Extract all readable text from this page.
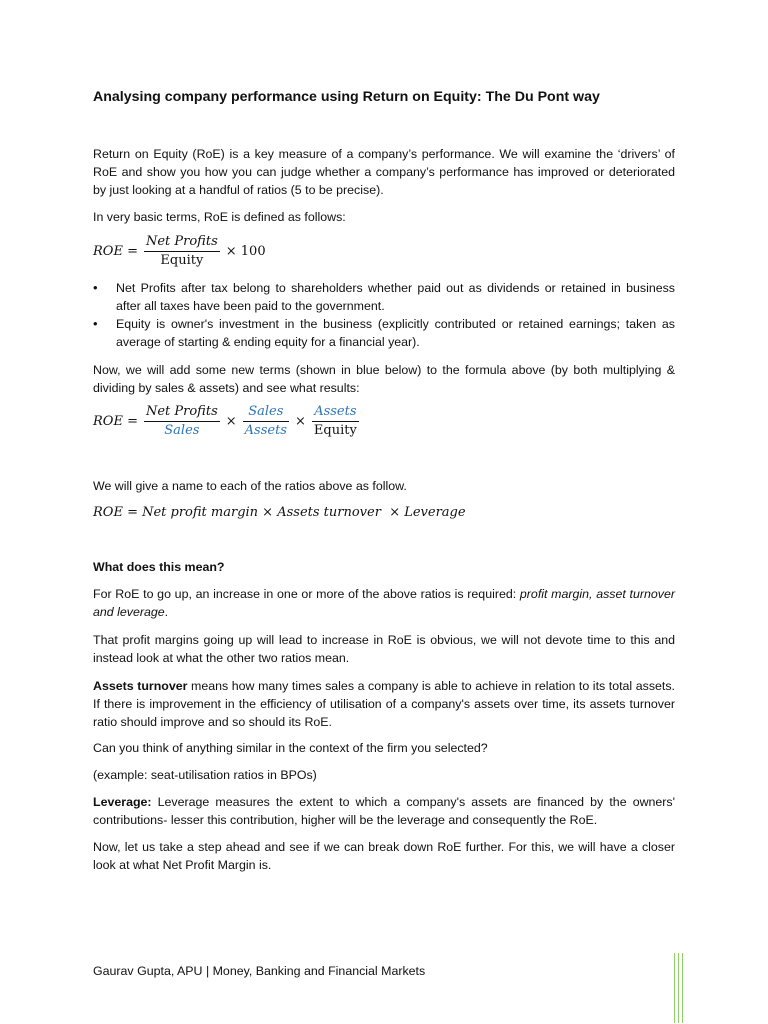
Analysing company performance using Return on Equity: The Du Pont way

Return on Equity (RoE) is a key measure of a company’s performance. We will examine the ‘drivers’ of RoE and show you how you can judge whether a company’s performance has improved or deteriorated by just looking at a handful of ratios (5 to be precise).

In very basic terms, RoE is defined as follows:

ROE = $\frac{\text{Net Profits}}{\text{Equity}} \times 100$
• Net Profits after tax belong to shareholders whether paid out as dividends or retained in business after all taxes have been paid to the government.
• Equity is owner's investment in the business (explicitly contributed or retained earnings; taken as average of starting & ending equity for a financial year).

Now, we will add some new terms (shown in blue below) to the formula above (by both multiplying & dividing by sales & assets) and see what results:

ROE = $\frac{\text{Net Profits}}{\text{Sales}} \times \frac{\text{Sales}}{\text{Assets}} \times \frac{\text{Assets}}{\text{Equity}}$

We will give a name to each of the ratios above as follow.

ROE = Net profit margin × Assets turnover  × Leverage
What does this mean?

For RoE to go up, an increase in one or more of the above ratios is required: profit margin, asset turnover and leverage.

That profit margins going up will lead to increase in RoE is obvious, we will not devote time to this and instead look at what the other two ratios mean.

Assets turnover means how many times sales a company is able to achieve in relation to its total assets. If there is improvement in the efficiency of utilisation of a company's assets over time, its assets turnover ratio should improve and so should its RoE.

Can you think of anything similar in the context of the firm you selected?
(example: seat-utilisation ratios in BPOs)

Leverage: Leverage measures the extent to which a company's assets are financed by the owners' contributions- lesser this contribution, higher will be the leverage and consequently the RoE.

Now, let us take a step ahead and see if we can break down RoE further. For this, we will have a closer look at what Net Profit Margin is.

Gaurav Gupta, APU | Money, Banking and Financial Markets
